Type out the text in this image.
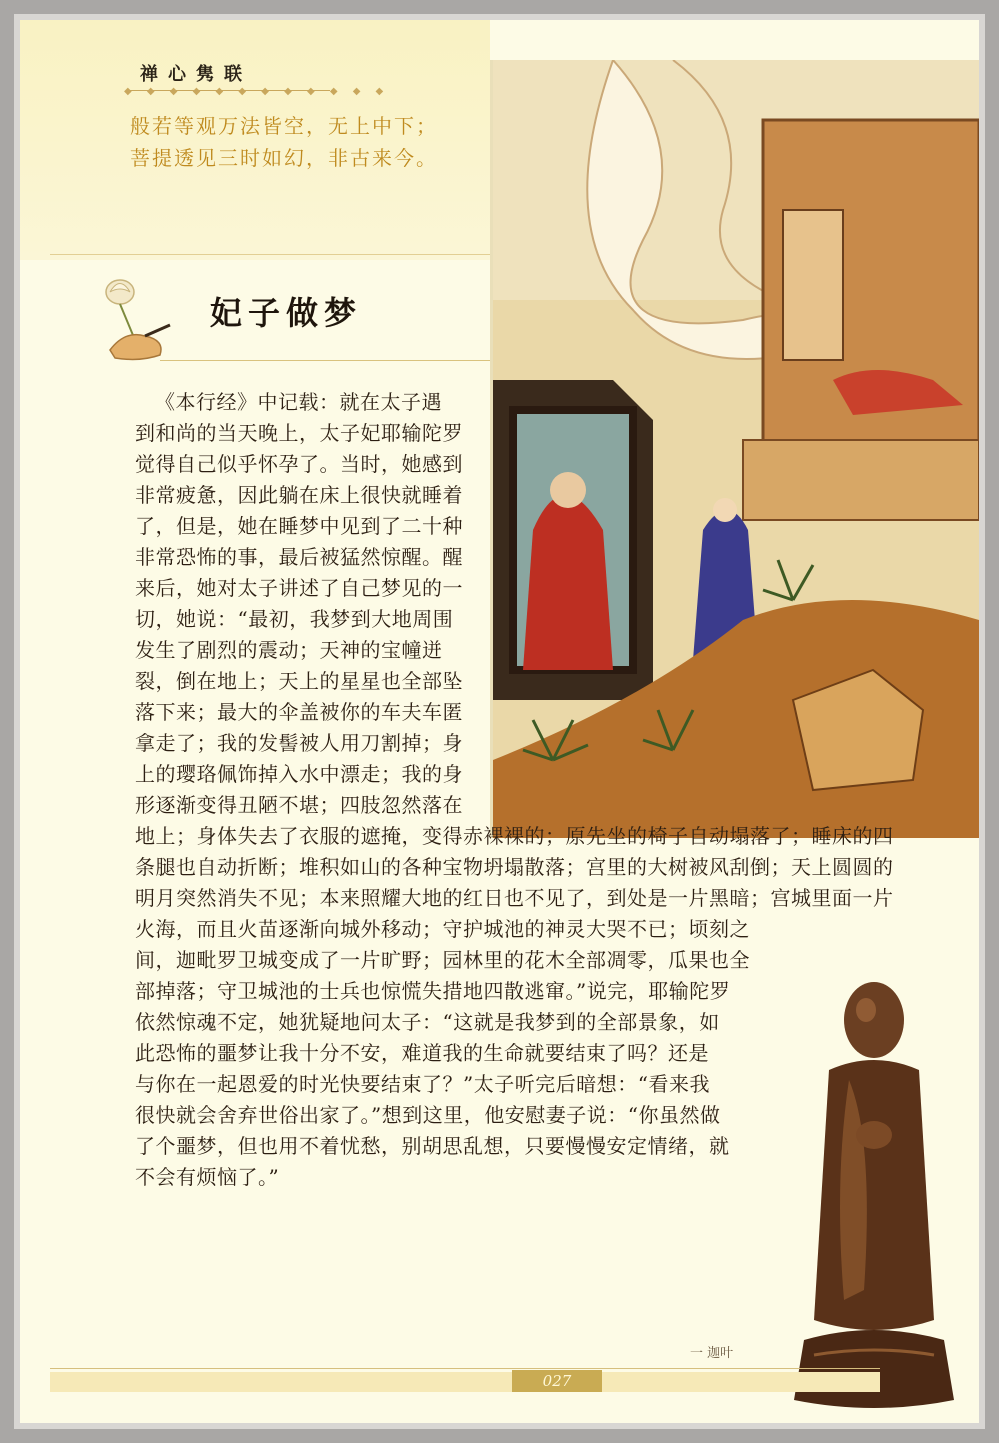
禅心隽联
◆ ◆ ◆ ◆ ◆ ◆ ◆ ◆ ◆ ◆ ◆ ◆
般若等观万法皆空，无上中下；
菩提透见三时如幻，非古来今。
妃子做梦
《本行经》中记载：就在太子遇
到和尚的当天晚上，太子妃耶输陀罗
觉得自己似乎怀孕了。当时，她感到
非常疲惫，因此躺在床上很快就睡着
了，但是，她在睡梦中见到了二十种
非常恐怖的事，最后被猛然惊醒。醒
来后，她对太子讲述了自己梦见的一
切，她说：“最初，我梦到大地周围
发生了剧烈的震动；天神的宝幢迸
裂，倒在地上；天上的星星也全部坠
落下来；最大的伞盖被你的车夫车匿
拿走了；我的发髻被人用刀割掉；身
上的璎珞佩饰掉入水中漂走；我的身
形逐渐变得丑陋不堪；四肢忽然落在
地上；身体失去了衣服的遮掩，变得赤裸裸的；原先坐的椅子自动塌落了；睡床的四
条腿也自动折断；堆积如山的各种宝物坍塌散落；宫里的大树被风刮倒；天上圆圆的
明月突然消失不见；本来照耀大地的红日也不见了，到处是一片黑暗；宫城里面一片
火海，而且火苗逐渐向城外移动；守护城池的神灵大哭不已；顷刻之
间，迦毗罗卫城变成了一片旷野；园林里的花木全部凋零，瓜果也全
部掉落；守卫城池的士兵也惊慌失措地四散逃窜。”说完，耶输陀罗
依然惊魂不定，她犹疑地问太子：“这就是我梦到的全部景象，如
此恐怖的噩梦让我十分不安，难道我的生命就要结束了吗？还是
与你在一起恩爱的时光快要结束了？”太子听完后暗想：“看来我
很快就会舍弃世俗出家了。”想到这里，他安慰妻子说：“你虽然做
了个噩梦，但也用不着忧愁，别胡思乱想，只要慢慢安定情绪，就
不会有烦恼了。”
一 迦叶
027
